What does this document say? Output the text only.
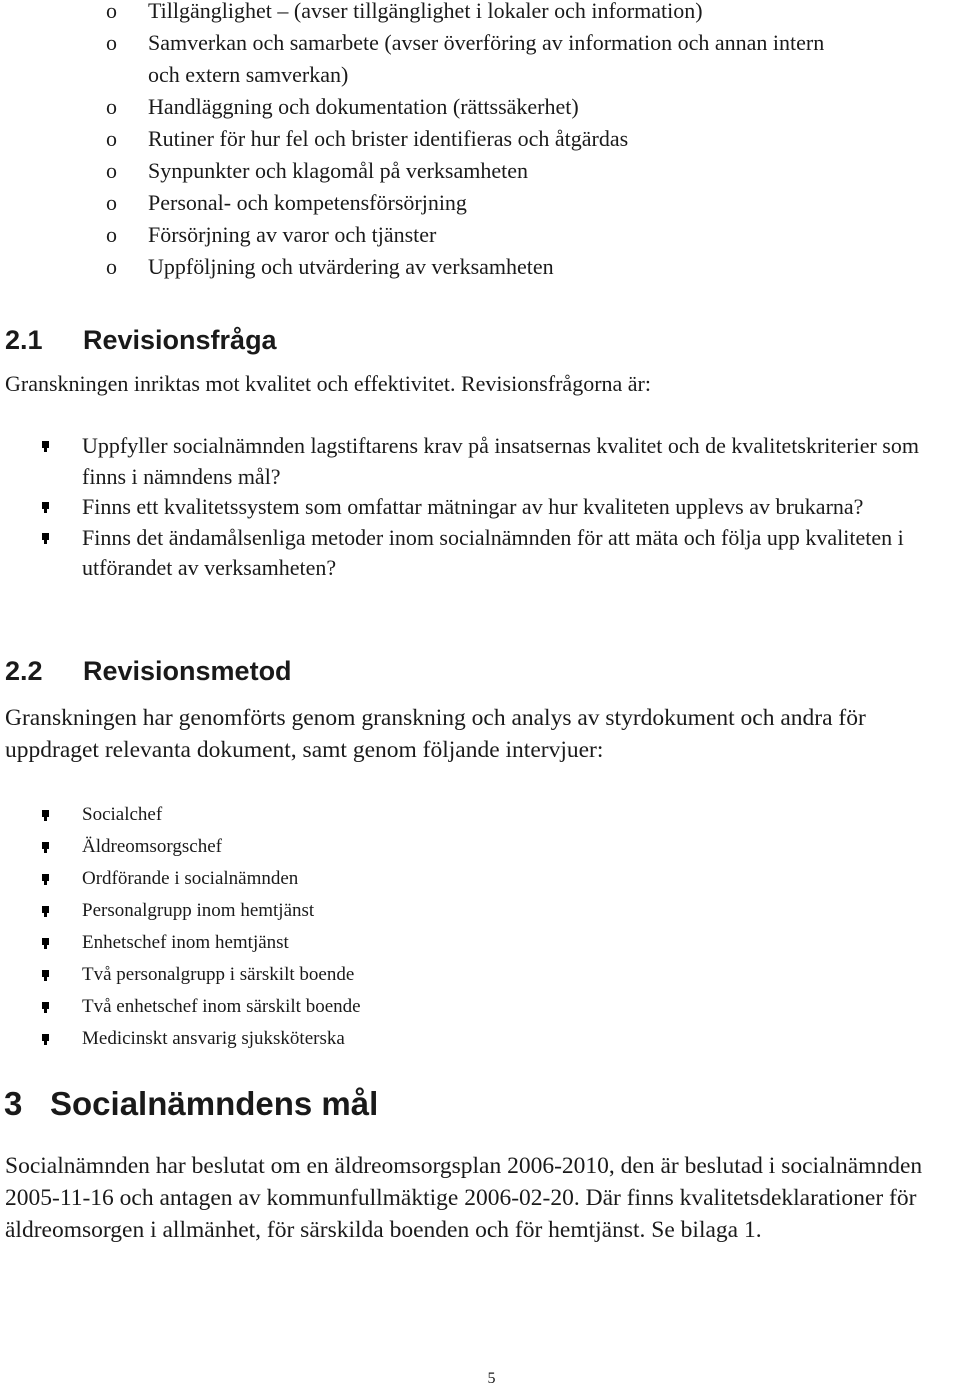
o Tillgänglighet – (avser tillgänglighet i lokaler och information)
o Samverkan och samarbete (avser överföring av information och annan intern
och extern samverkan)
o Handläggning och dokumentation (rättssäkerhet)
o Rutiner för hur fel och brister identifieras och åtgärdas
o Synpunkter och klagomål på verksamheten
o Personal- och kompetensförsörjning
o Försörjning av varor och tjänster
o Uppföljning och utvärdering av verksamheten
2.1 Revisionsfråga

Granskningen inriktas mot kvalitet och effektivitet. Revisionsfrågorna är:

Uppfyller socialnämnden lagstiftarens krav på insatsernas kvalitet och de kvalitetskriterier som finns i nämndens mål?
Finns ett kvalitetssystem som omfattar mätningar av hur kvaliteten upplevs av brukarna?
Finns det ändamålsenliga metoder inom socialnämnden för att mäta och följa upp kvaliteten i utförandet av verksamheten?
2.2 Revisionsmetod

Granskningen har genomförts genom granskning och analys av styrdokument och andra för uppdraget relevanta dokument, samt genom följande intervjuer:

Socialchef
Äldreomsorgschef
Ordförande i socialnämnden
Personalgrupp inom hemtjänst
Enhetschef inom hemtjänst
Två personalgrupp i särskilt boende
Två enhetschef inom särskilt boende
Medicinskt ansvarig sjuksköterska
3 Socialnämndens mål

Socialnämnden har beslutat om en äldreomsorgsplan 2006-2010, den är beslutad i socialnämnden 2005-11-16 och antagen av kommunfullmäktige 2006-02-20. Där finns kvalitetsdeklarationer för äldreomsorgen i allmänhet, för särskilda boenden och för hemtjänst. Se bilaga 1.

5
